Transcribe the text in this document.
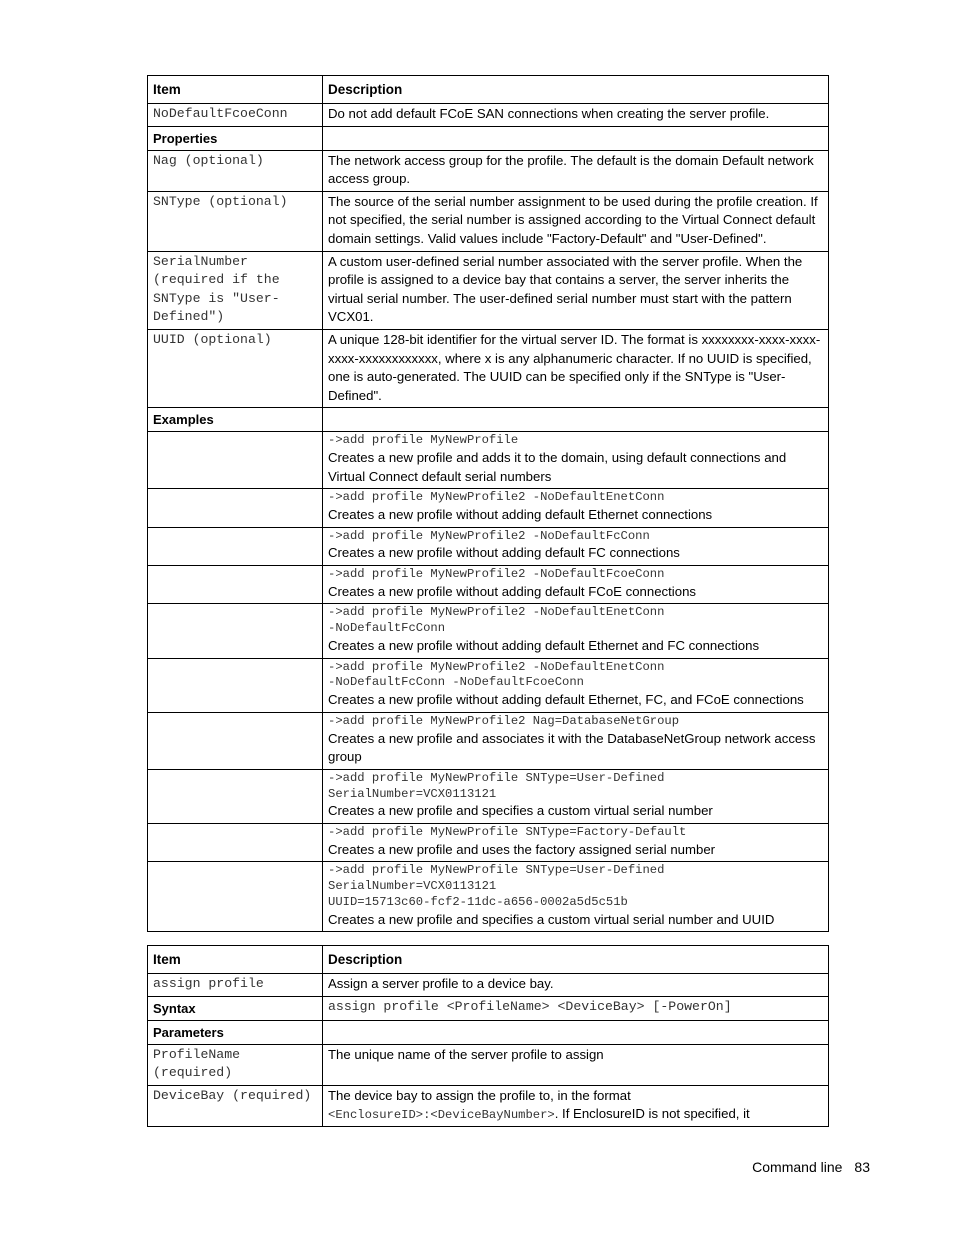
Item	Description
NoDefaultFcoeConn	Do not add default FCoE SAN connections when creating the server profile.
Properties	
Nag (optional)	The network access group for the profile. The default is the domain Default network access group.
SNType (optional)	The source of the serial number assignment to be used during the profile creation. If not specified, the serial number is assigned according to the Virtual Connect default domain settings. Valid values include "Factory-Default" and "User-Defined".
SerialNumber (required if the SNType is "User-Defined")	A custom user-defined serial number associated with the server profile. When the profile is assigned to a device bay that contains a server, the server inherits the virtual serial number. The user-defined serial number must start with the pattern VCX01.
UUID (optional)	A unique 128-bit identifier for the virtual server ID. The format is xxxxxxxx-xxxx-xxxx-xxxx-xxxxxxxxxxxx, where x is any alphanumeric character. If no UUID is specified, one is auto-generated. The UUID can be specified only if the SNType is "User-Defined".
Examples	

	->add profile MyNewProfile
Creates a new profile and adds it to the domain, using default connections and Virtual Connect default serial numbers

	->add profile MyNewProfile2 -NoDefaultEnetConn
Creates a new profile without adding default Ethernet connections

	->add profile MyNewProfile2 -NoDefaultFcConn
Creates a new profile without adding default FC connections

	->add profile MyNewProfile2 -NoDefaultFcoeConn
Creates a new profile without adding default FCoE connections

	->add profile MyNewProfile2 -NoDefaultEnetConn
-NoDefaultFcConn
Creates a new profile without adding default Ethernet and FC connections

	->add profile MyNewProfile2 -NoDefaultEnetConn
-NoDefaultFcConn -NoDefaultFcoeConn
Creates a new profile without adding default Ethernet, FC, and FCoE connections

	->add profile MyNewProfile2 Nag=DatabaseNetGroup
Creates a new profile and associates it with the DatabaseNetGroup network access group

	->add profile MyNewProfile SNType=User-Defined
SerialNumber=VCX0113121
Creates a new profile and specifies a custom virtual serial number

	->add profile MyNewProfile SNType=Factory-Default
Creates a new profile and uses the factory assigned serial number

	->add profile MyNewProfile SNType=User-Defined
SerialNumber=VCX0113121
UUID=15713c60-fcf2-11dc-a656-0002a5d5c51b
Creates a new profile and specifies a custom virtual serial number and UUID
Item	Description
assign profile	Assign a server profile to a device bay.
Syntax	assign profile <ProfileName> <DeviceBay> [-PowerOn]
Parameters	
ProfileName (required)	The unique name of the server profile to assign
DeviceBay (required)	The device bay to assign the profile to, in the format
<EnclosureID>:<DeviceBayNumber>. If EnclosureID is not specified, it
Command line 83
